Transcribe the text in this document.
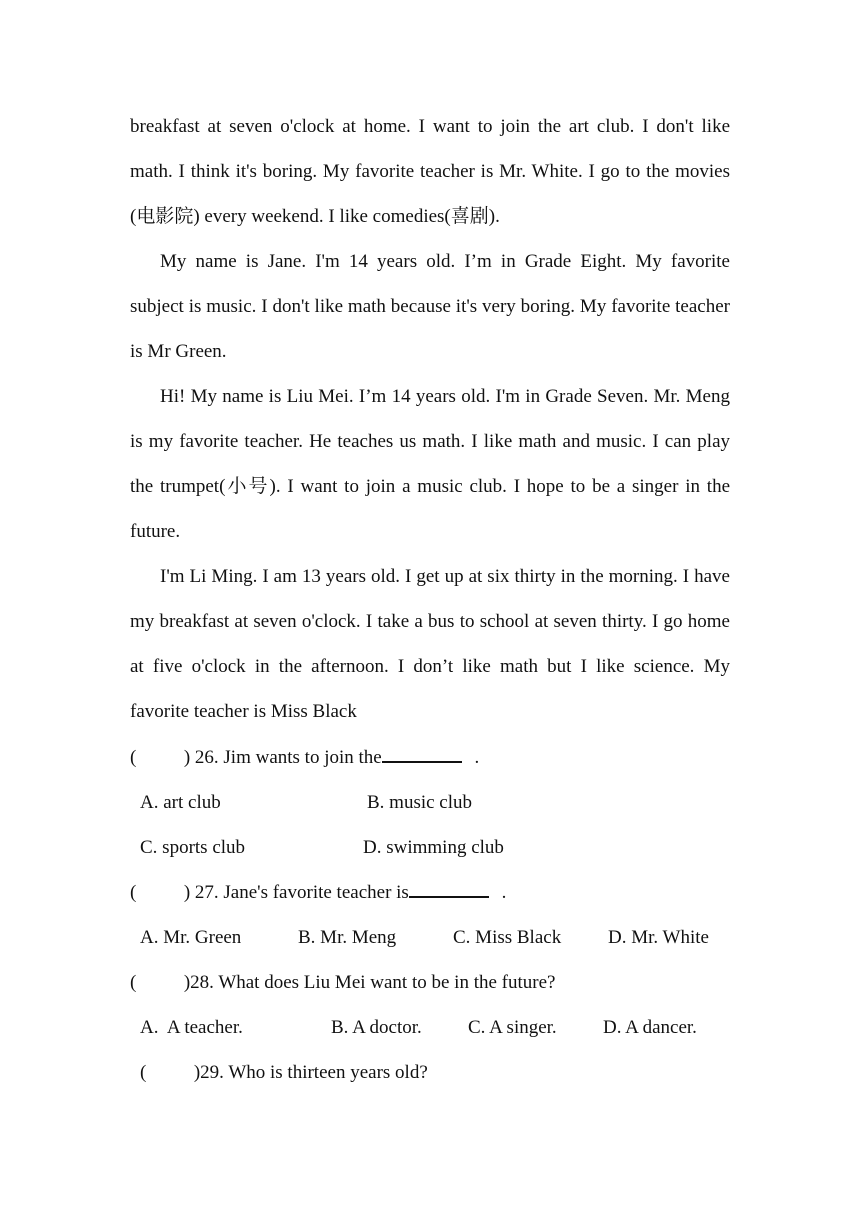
breakfast at seven o'clock at home. I want to join the art club. I don't like math. I think it's boring. My favorite teacher is Mr. White. I go to the movies (电影院) every weekend. I like comedies(喜剧).

My name is Jane. I'm 14 years old. I’m in Grade Eight. My favorite subject is music. I don't like math because it's very boring. My favorite teacher is Mr Green.

Hi! My name is Liu Mei. I’m 14 years old. I'm in Grade Seven. Mr. Meng is my favorite teacher. He teaches us math. I like math and music. I can play the trumpet(小号). I want to join a music club. I hope to be a singer in the future.

I'm Li Ming. I am 13 years old. I get up at six thirty in the morning. I have my breakfast at seven o'clock. I take a bus to school at seven thirty. I go home at five o'clock in the afternoon. I don’t like math but I like science. My favorite teacher is Miss Black

(          ) 26. Jim wants to join the	.
A. art club	B. music club
C. sports club	D. swimming club
(          ) 27. Jane's favorite teacher is	.
A. Mr. Green	B. Mr. Meng	C. Miss Black D. Mr. White
(          )28. What does Liu Mei want to be in the future?
A.  A teacher.	B. A doctor. C. A singer. D. A dancer.
(          )29. Who is thirteen years old?
